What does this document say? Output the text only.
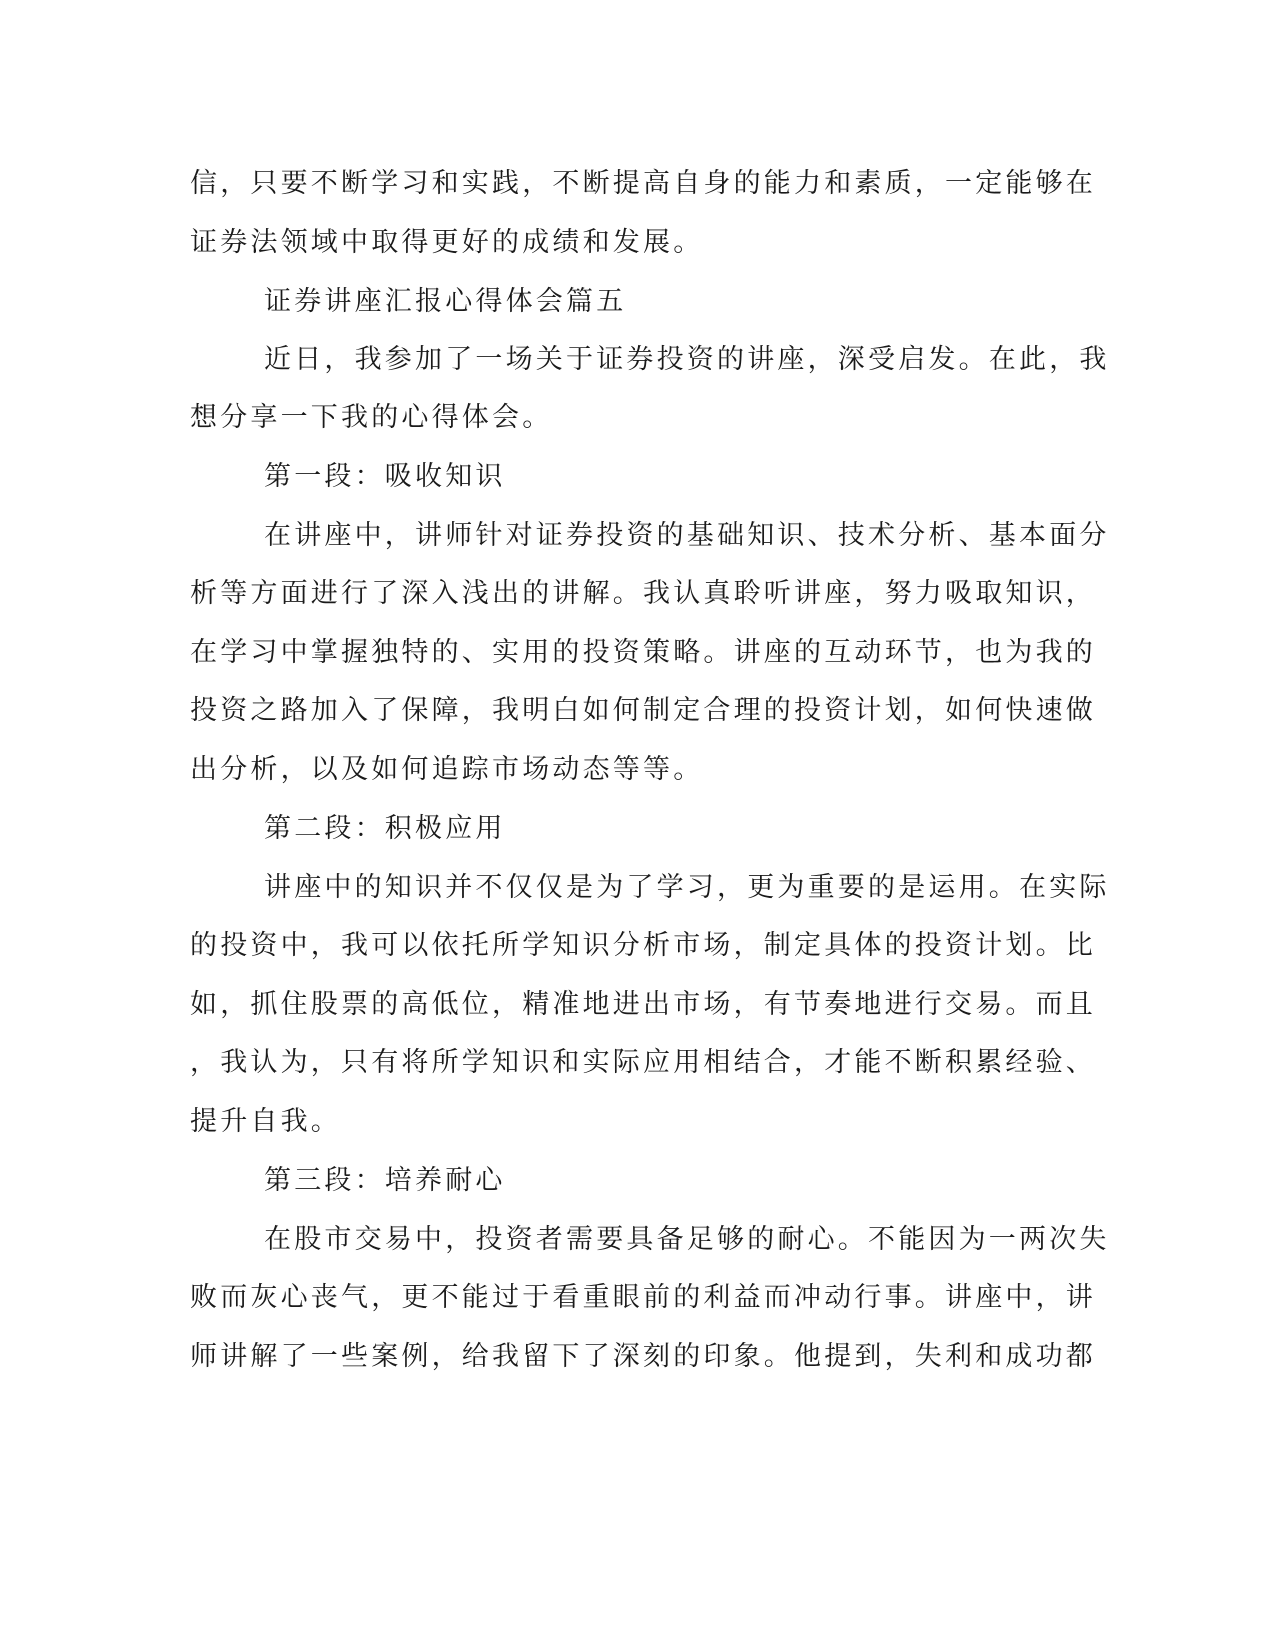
信，只要不断学习和实践，不断提高自身的能力和素质，一定能够在
证券法领域中取得更好的成绩和发展。
证券讲座汇报心得体会篇五
近日，我参加了一场关于证券投资的讲座，深受启发。在此，我
想分享一下我的心得体会。
第一段：吸收知识
在讲座中，讲师针对证券投资的基础知识、技术分析、基本面分
析等方面进行了深入浅出的讲解。我认真聆听讲座，努力吸取知识，
在学习中掌握独特的、实用的投资策略。讲座的互动环节，也为我的
投资之路加入了保障，我明白如何制定合理的投资计划，如何快速做
出分析，以及如何追踪市场动态等等。
第二段：积极应用
讲座中的知识并不仅仅是为了学习，更为重要的是运用。在实际
的投资中，我可以依托所学知识分析市场，制定具体的投资计划。比
如，抓住股票的高低位，精准地进出市场，有节奏地进行交易。而且
，我认为，只有将所学知识和实际应用相结合，才能不断积累经验、
提升自我。
第三段：培养耐心
在股市交易中，投资者需要具备足够的耐心。不能因为一两次失
败而灰心丧气，更不能过于看重眼前的利益而冲动行事。讲座中，讲
师讲解了一些案例，给我留下了深刻的印象。他提到，失利和成功都
